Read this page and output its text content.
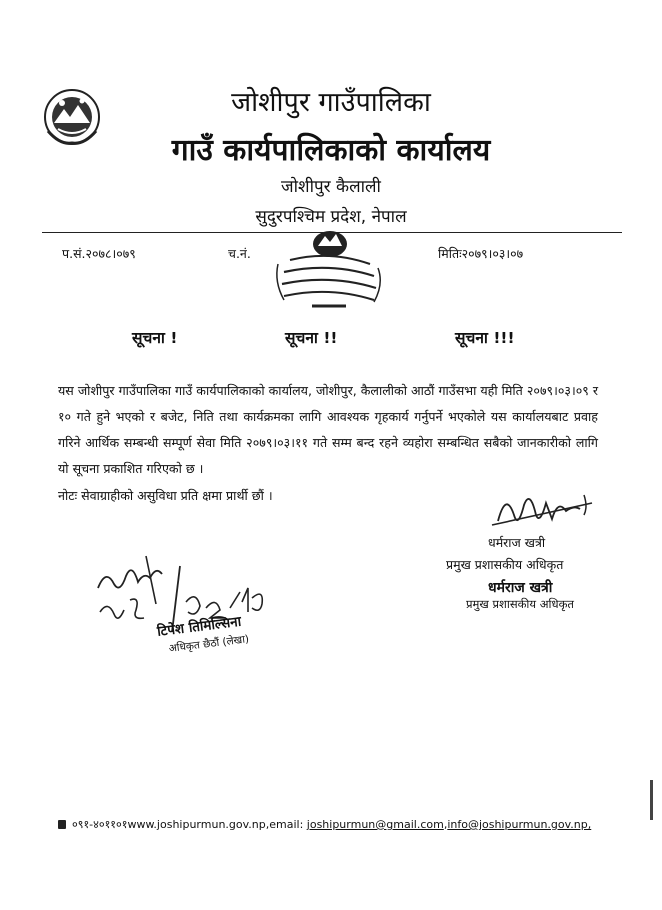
जोशीपुर गाउँपालिका
गाउँ कार्यपालिकाको कार्यालय
जोशीपुर कैलाली
सुदुरपश्चिम प्रदेश, नेपाल
प.सं.२०७८।०७९	च.नं.	मितिः२०७९।०३।०७
सूचना !	सूचना !!	सूचना !!!
यस जोशीपुर गाउँपालिका गाउँ कार्यपालिकाको कार्यालय, जोशीपुर, कैलालीको आठौं गाउँसभा यही मिति २०७९।०३।०९ र १० गते हुने भएको र बजेट, निति तथा कार्यक्रमका लागि आवश्यक गृहकार्य गर्नुपर्ने भएकोले यस कार्यालयबाट प्रवाह गरिने आर्थिक सम्बन्धी सम्पूर्ण सेवा मिति २०७९।०३।११ गते सम्म बन्द रहने व्यहोरा सम्बन्धित सबैको जानकारीको लागि यो सूचना प्रकाशित गरिएको छ ।
नोटः सेवाग्राहीको असुविधा प्रति क्षमा प्रार्थी छौं ।
धर्मराज खत्री
प्रमुख प्रशासकीय अधिकृत
धर्मराज खत्री
प्रमुख प्रशासकीय अधिकृत
टिपेश तिमिल्सिना
अधिकृत छैठौं (लेखा)
०९१-४०११०१www.joshipurmun.gov.np,email: joshipurmun@gmail.com,info@joshipurmun.gov.np,
